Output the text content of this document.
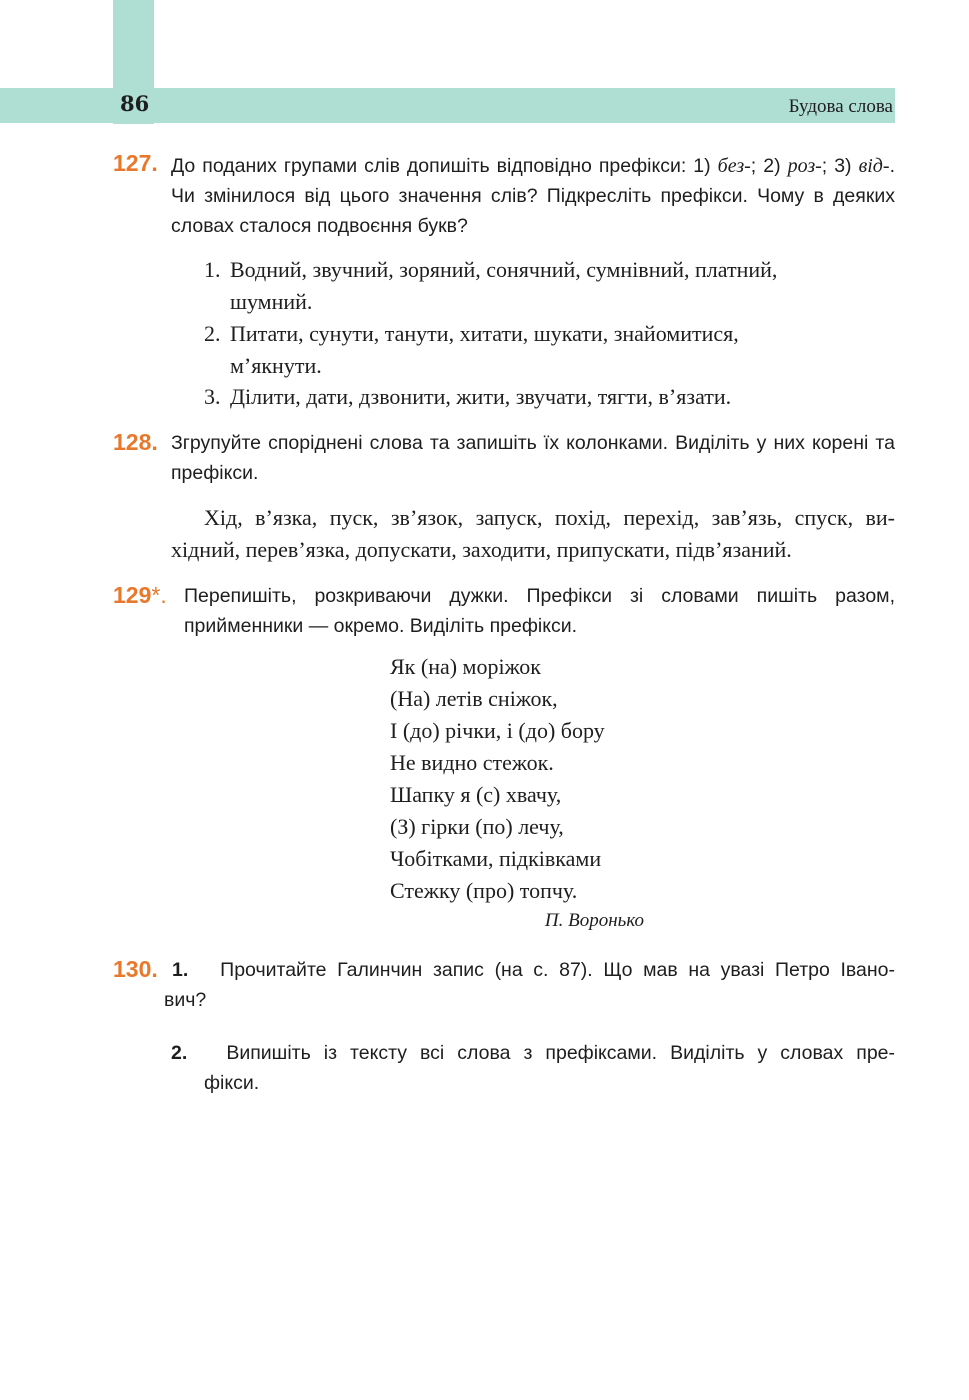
86	Будова слова
127. До поданих групами слів допишіть відповідно префікси: 1) без-; 2) роз-; 3) від-. Чи змінилося від цього значення слів? Підкресліть префікси. Чому в деяких словах сталося подвоєння букв?
1. Водний, звучний, зоряний, сонячний, сумнівний, платний,
шумний.
2. Питати, сунути, танути, хитати, шукати, знайомитися,
м’якнути.
3. Ділити, дати, дзвонити, жити, звучати, тягти, в’язати.
128. Згрупуйте споріднені слова та запишіть їх колонками. Виділіть у них корені та префікси.
Хід, в’язка, пуск, зв’язок, запуск, похід, перехід, зав’язь, спуск, ви-
хідний, перев’язка, допускати, заходити, припускати, підв’язаний.
129*. Перепишіть, розкриваючи дужки. Префікси зі словами пишіть разом, прийменники — окремо. Виділіть префікси.
Як (на) моріжок
(На) летів сніжок,
І (до) річки, і (до) бору
Не видно стежок.
Шапку я (с) хвачу,
(З) гірки (по) лечу,
Чобітками, підківками
Стежку (про) топчу.
П. Воронько
130. 1. Прочитайте Галинчин запис (на с. 87). Що мав на увазі Петро Івано-
вич?
2. Випишіть із тексту всі слова з префіксами. Виділіть у словах пре-
фікси.
